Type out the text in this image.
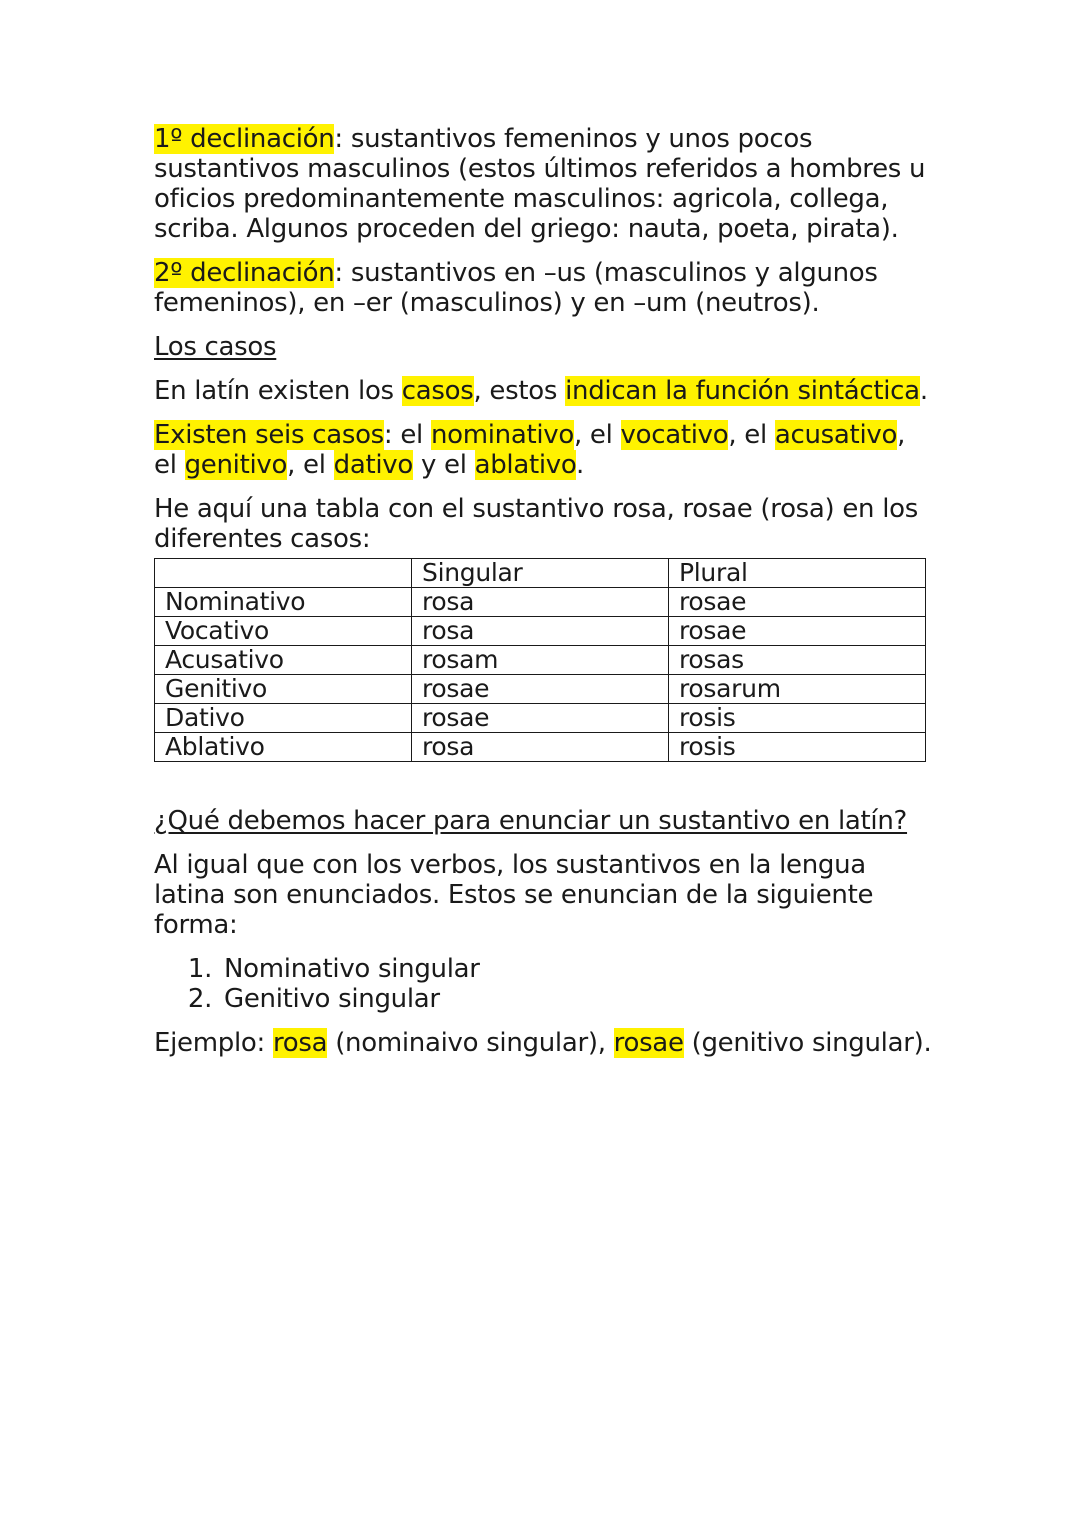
1º declinación: sustantivos femeninos y unos pocos sustantivos masculinos (estos últimos referidos a hombres u oficios predominantemente masculinos: agricola, collega, scriba. Algunos proceden del griego: nauta, poeta, pirata).

2º declinación: sustantivos en –us (masculinos y algunos femeninos), en –er (masculinos) y en –um (neutros).

Los casos

En latín existen los casos, estos indican la función sintáctica.

Existen seis casos: el nominativo, el vocativo, el acusativo, el genitivo, el dativo y el ablativo.

He aquí una tabla con el sustantivo rosa, rosae (rosa) en los diferentes casos:

	Singular	Plural
Nominativo	rosa	rosae
Vocativo	rosa	rosae
Acusativo	rosam	rosas
Genitivo	rosae	rosarum
Dativo	rosae	rosis
Ablativo	rosa	rosis

¿Qué debemos hacer para enunciar un sustantivo en latín?

Al igual que con los verbos, los sustantivos en la lengua latina son enunciados. Estos se enuncian de la siguiente forma:

1. Nominativo singular
2. Genitivo singular

Ejemplo: rosa (nominaivo singular), rosae (genitivo singular).
